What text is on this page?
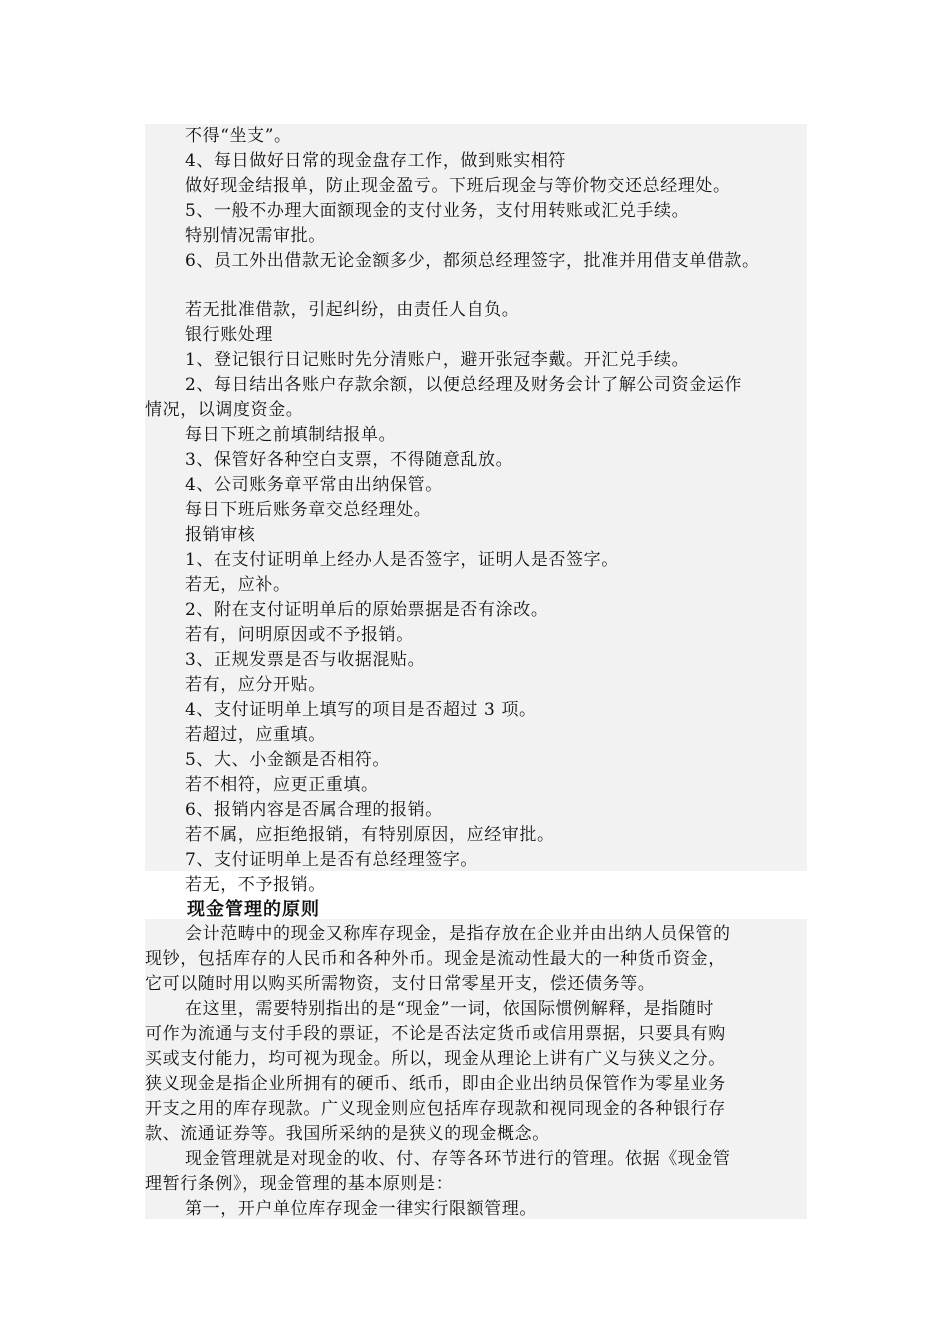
不得“坐支”。
4、每日做好日常的现金盘存工作，做到账实相符
做好现金结报单，防止现金盈亏。下班后现金与等价物交还总经理处。
5、一般不办理大面额现金的支付业务，支付用转账或汇兑手续。
特别情况需审批。
6、员工外出借款无论金额多少，都须总经理签字，批准并用借支单借款。
若无批准借款，引起纠纷，由责任人自负。
银行账处理
1、登记银行日记账时先分清账户，避开张冠李戴。开汇兑手续。
2、每日结出各账户存款余额，以便总经理及财务会计了解公司资金运作
情况，以调度资金。
每日下班之前填制结报单。
3、保管好各种空白支票，不得随意乱放。
4、公司账务章平常由出纳保管。
每日下班后账务章交总经理处。
报销审核
1、在支付证明单上经办人是否签字，证明人是否签字。
若无，应补。
2、附在支付证明单后的原始票据是否有涂改。
若有，问明原因或不予报销。
3、正规发票是否与收据混贴。
若有，应分开贴。
4、支付证明单上填写的项目是否超过 3 项。
若超过，应重填。
5、大、小金额是否相符。
若不相符，应更正重填。
6、报销内容是否属合理的报销。
若不属，应拒绝报销，有特别原因，应经审批。
7、支付证明单上是否有总经理签字。
若无，不予报销。
现金管理的原则
会计范畴中的现金又称库存现金，是指存放在企业并由出纳人员保管的
现钞，包括库存的人民币和各种外币。现金是流动性最大的一种货币资金，
它可以随时用以购买所需物资，支付日常零星开支，偿还债务等。
在这里，需要特别指出的是“现金”一词，依国际惯例解释，是指随时
可作为流通与支付手段的票证，不论是否法定货币或信用票据，只要具有购
买或支付能力，均可视为现金。所以，现金从理论上讲有广义与狭义之分。
狭义现金是指企业所拥有的硬币、纸币，即由企业出纳员保管作为零星业务
开支之用的库存现款。广义现金则应包括库存现款和视同现金的各种银行存
款、流通证券等。我国所采纳的是狭义的现金概念。
现金管理就是对现金的收、付、存等各环节进行的管理。依据《现金管
理暂行条例》，现金管理的基本原则是：
第一，开户单位库存现金一律实行限额管理。
